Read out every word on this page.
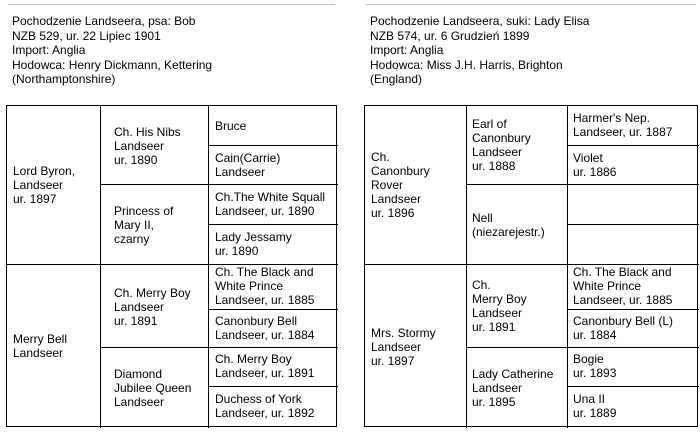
Pochodzenie Landseera, psa: Bob
NZB 529, ur. 22 Lipiec 1901
Import: Anglia
Hodowca: Henry Dickmann, Kettering
(Northamptonshire)
Lord Byron,
Landseer
ur. 1897
Merry Bell
Landseer
Ch. His Nibs
Landseer
ur. 1890
Princess of
Mary II,
czarny
Ch. Merry Boy
Landseer
ur. 1891
Diamond
Jubilee Queen
Landseer
Bruce
Cain(Carrie)
Landseer
Ch.The White Squall
Landseer, ur. 1890
Lady Jessamy
ur. 1890
Ch. The Black and
White Prince
Landseer, ur. 1885
Canonbury Bell
Landseer, ur. 1884
Ch. Merry Boy
Landseer, ur. 1891
Duchess of York
Landseer, ur. 1892
Pochodzenie Landseera, suki: Lady Elisa
NZB 574, ur. 6 Grudzień 1899
Import: Anglia
Hodowca: Miss J.H. Harris, Brighton
(England)
Ch.
Canonbury
Rover
Landseer
ur. 1896
Mrs. Stormy
Landseer
ur. 1897
Earl of
Canonbury
Landseer
ur. 1888
Nell
(niezarejestr.)
Ch.
Merry Boy
Landseer
ur. 1891
Lady Catherine
Landseer
ur. 1895
Harmer's Nep.
Landseer, ur. 1887
Violet
ur. 1886
Ch. The Black and
White Prince
Landseer, ur. 1885
Canonbury Bell (L)
ur. 1884
Bogie
ur. 1893
Una II
ur. 1889
